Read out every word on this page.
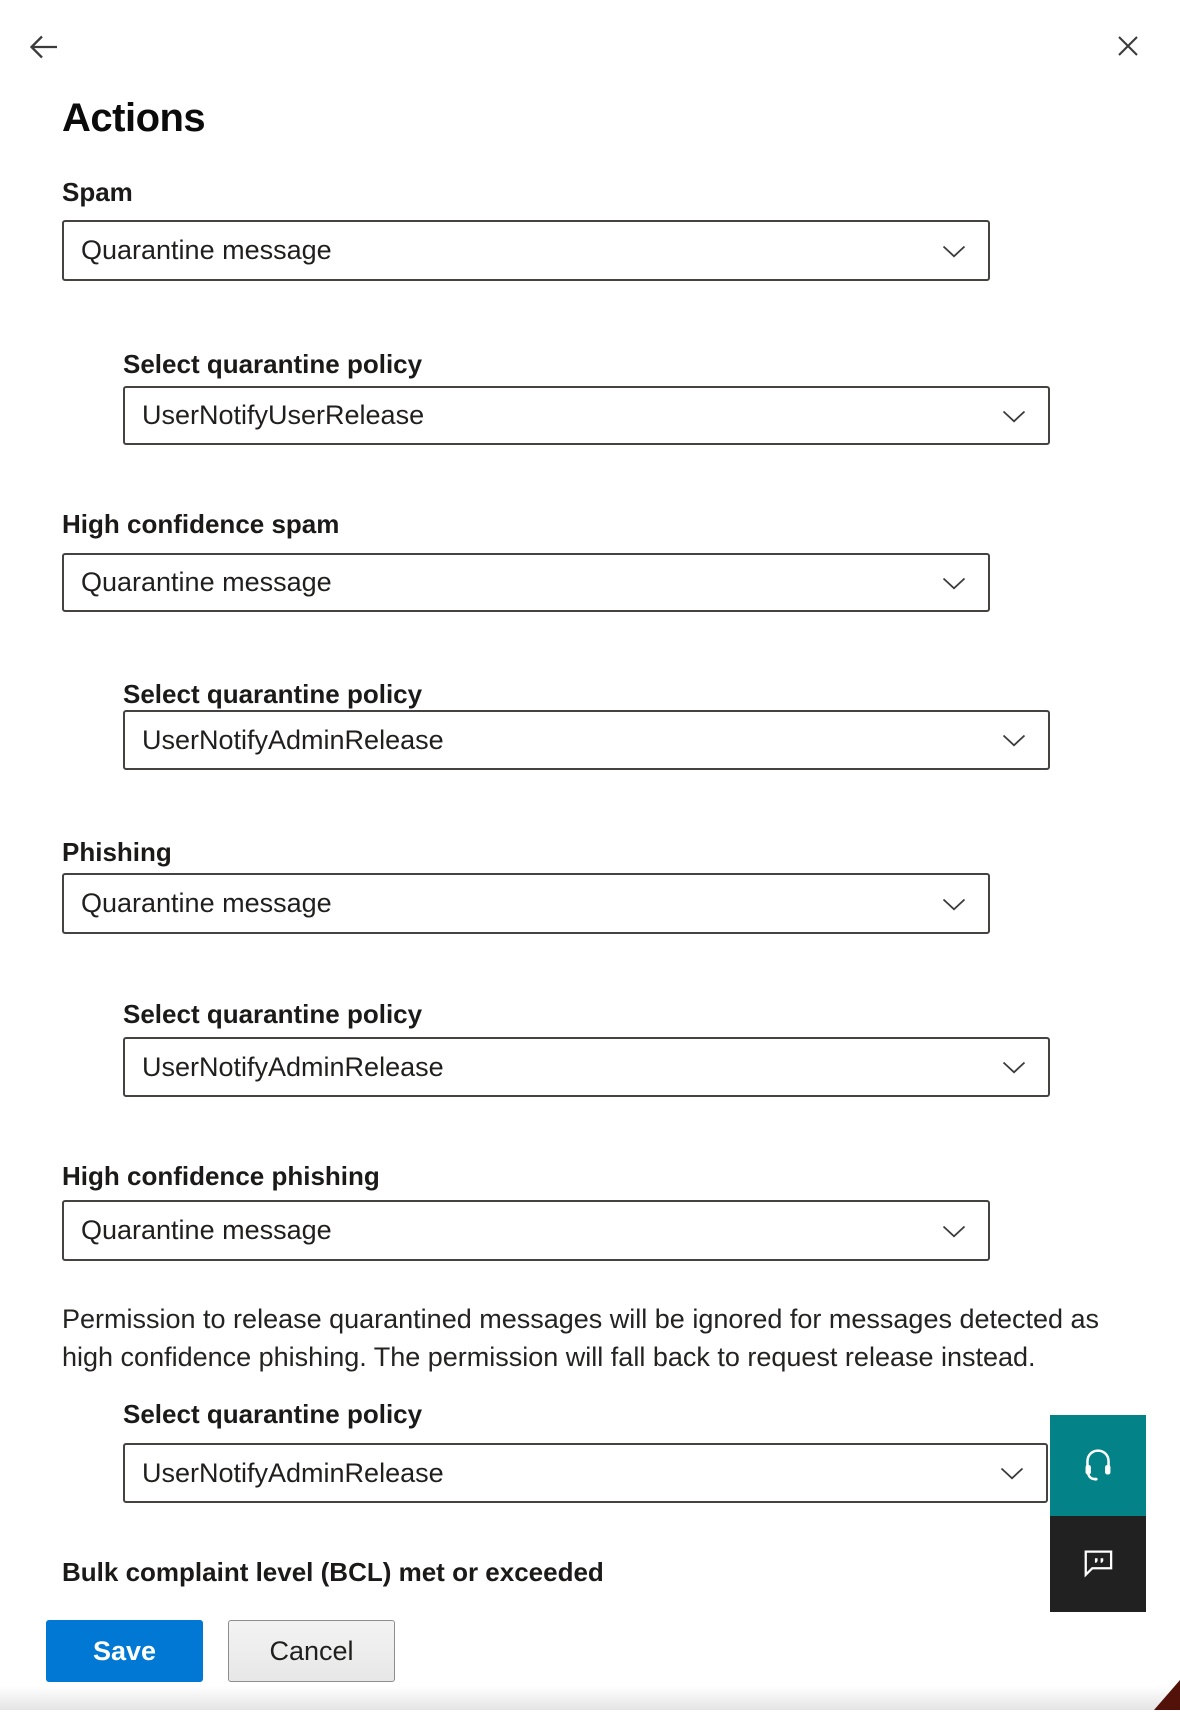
Actions
Spam
Quarantine message
Select quarantine policy
UserNotifyUserRelease
High confidence spam
Quarantine message
Select quarantine policy
UserNotifyAdminRelease
Phishing
Quarantine message
Select quarantine policy
UserNotifyAdminRelease
High confidence phishing
Quarantine message
Permission to release quarantined messages will be ignored for messages detected as
high confidence phishing. The permission will fall back to request release instead.
Select quarantine policy
UserNotifyAdminRelease
Bulk complaint level (BCL) met or exceeded
Save	Cancel
